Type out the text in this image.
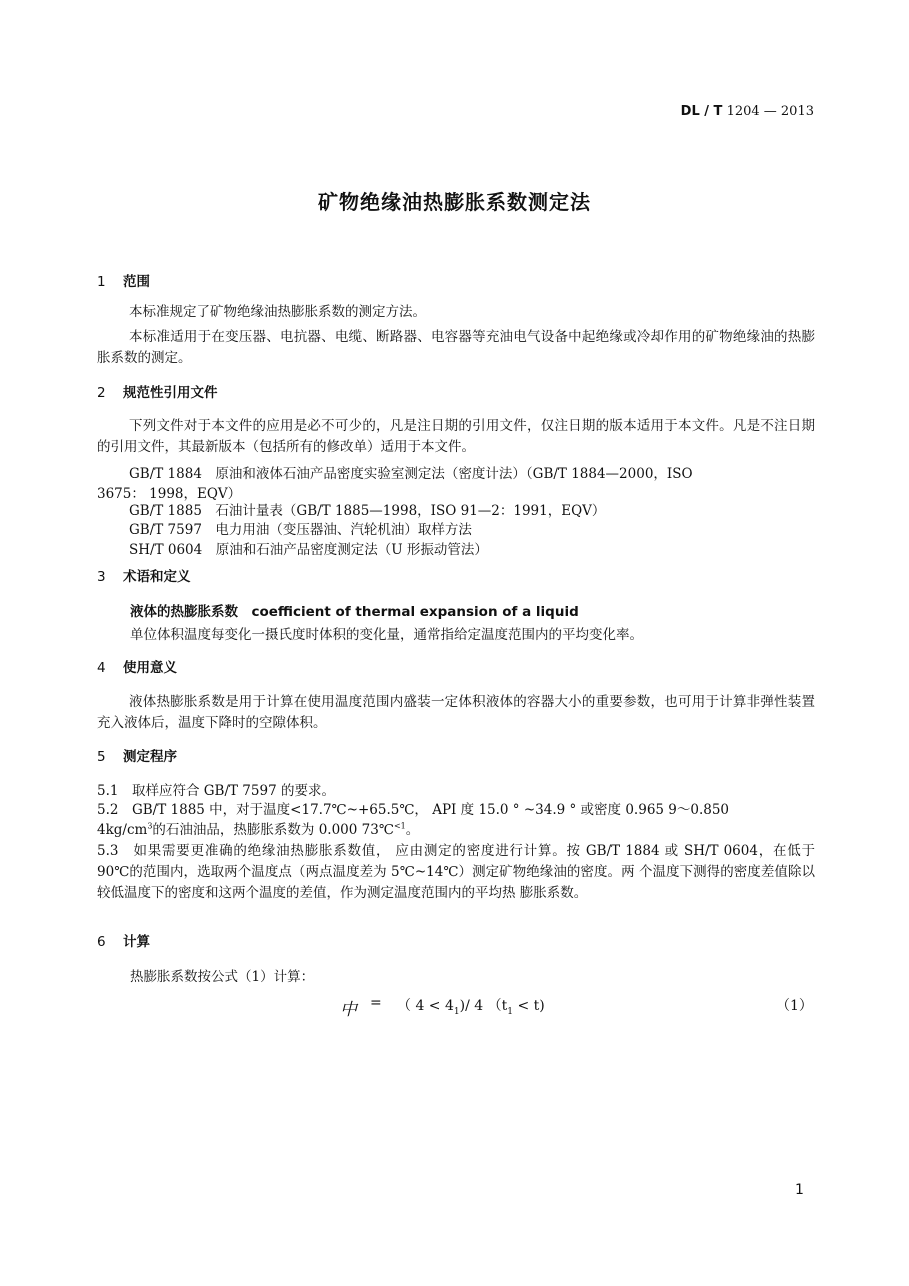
DL / T 1204 — 2013
矿物绝缘油热膨胀系数测定法
1 范围
本标准规定了矿物绝缘油热膨胀系数的测定方法。
本标准适用于在变压器、电抗器、电缆、断路器、电容器等充油电气设备中起绝缘或冷却作用的矿物绝缘油的热膨胀系数的测定。
2 规范性引用文件
下列文件对于本文件的应用是必不可少的，凡是注日期的引用文件，仅注日期的版本适用于本文件。凡是不注日期的引用文件，其最新版本（包括所有的修改单）适用于本文件。
GB/T 1884　原油和液体石油产品密度实验室测定法（密度计法）（GB/T 1884—2000，ISO
3675： 1998，EQV）
GB/T 1885　石油计量表（GB/T 1885—1998，ISO 91—2：1991，EQV）
GB/T 7597　电力用油（变压器油、汽轮机油）取样方法
SH/T 0604　原油和石油产品密度测定法（U 形振动管法）
3 术语和定义
液体的热膨胀系数　coefficient of thermal expansion of a liquid
单位体积温度每变化一摄氏度时体积的变化量，通常指给定温度范围内的平均变化率。
4 使用意义
液体热膨胀系数是用于计算在使用温度范围内盛装一定体积液体的容器大小的重要参数，也可用于计算非弹性装置充入液体后，温度下降时的空隙体积。
5 测定程序
5.1　取样应符合 GB/T 7597 的要求。
5.2　GB/T 1885 中，对于温度<17.7℃~+65.5℃， API 度 15.0 ° ~34.9 ° 或密度 0.965 9～0.850
$4kg/cm^3$的石油油品，热膨胀系数为 0.000 73℃$^{<1}$。
5.3　如果需要更准确的绝缘油热膨胀系数值， 应由测定的密度进行计算。按 GB/T 1884 或 SH/T 0604，在低于 90℃的范围内，选取两个温度点（两点温度差为 5℃~14℃）测定矿物绝缘油的密度。两 个温度下测得的密度差值除以较低温度下的密度和这两个温度的差值，作为测定温度范围内的平均热 膨胀系数。
6 计算
热膨胀系数按公式（1）计算：
中 = （ $4 < 4_1)/$ 4 $(t_1 < t)$	（1）
1
